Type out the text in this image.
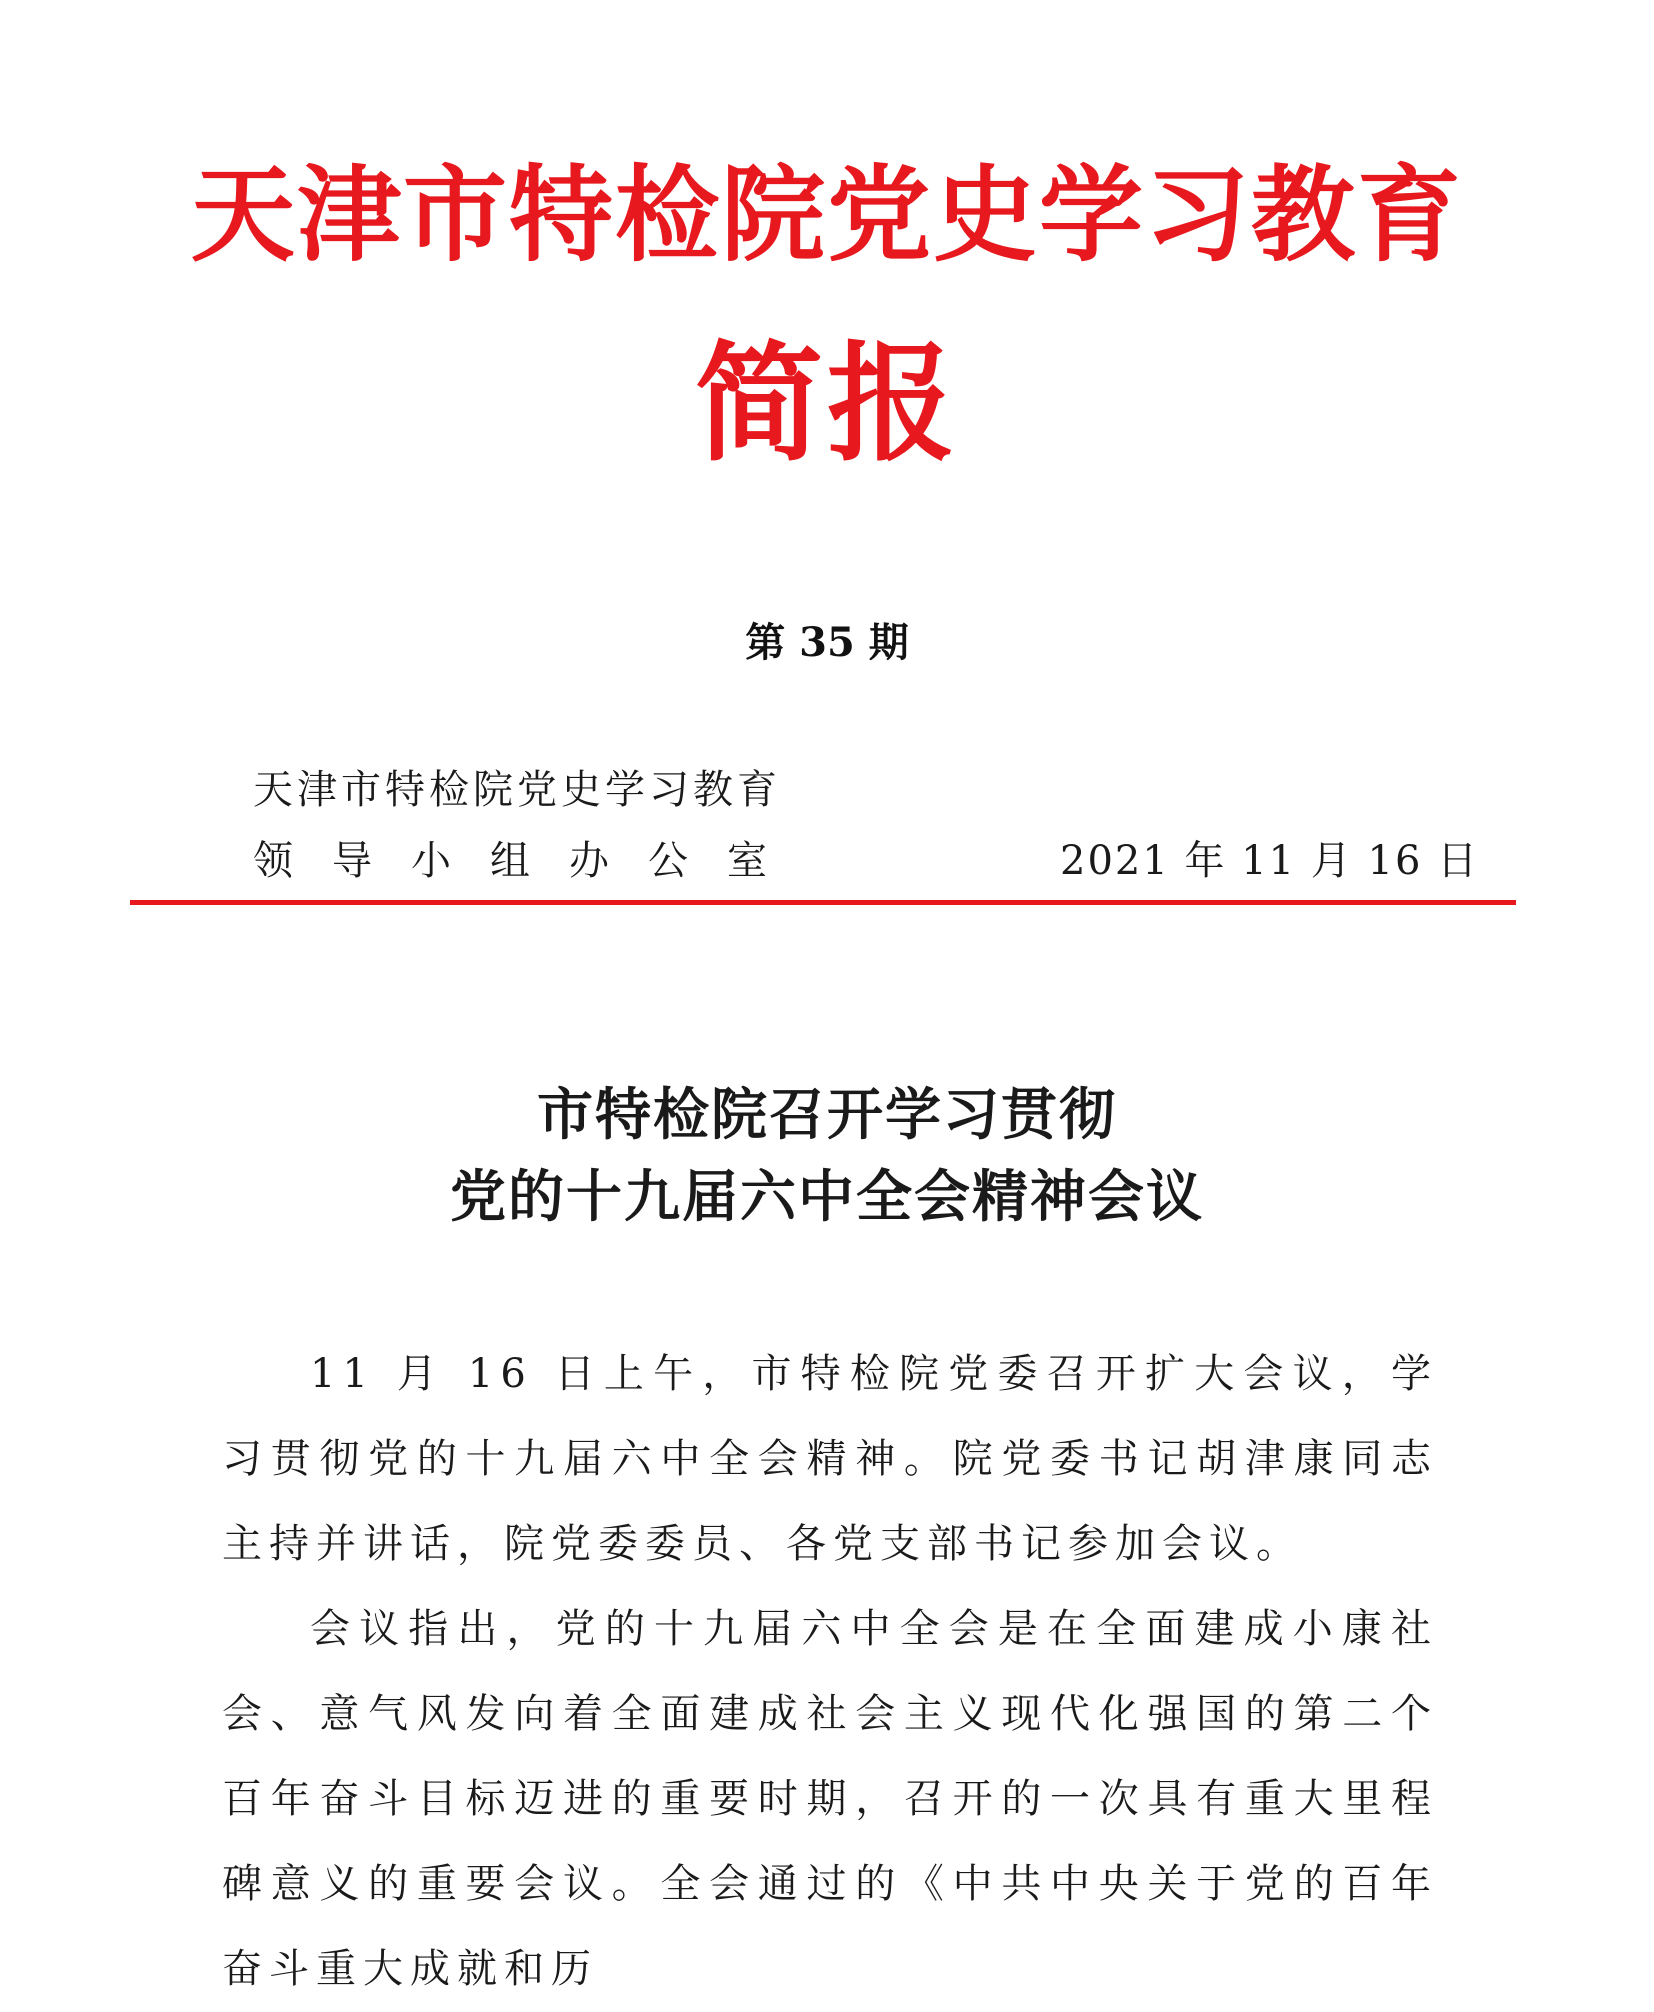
天津市特检院党史学习教育
简报
第 35 期
天津市特检院党史学习教育
领导小组办公室	2021 年 11 月 16 日
市特检院召开学习贯彻
党的十九届六中全会精神会议

11 月 16 日上午，市特检院党委召开扩大会议，学习贯彻党的十九届六中全会精神。院党委书记胡津康同志主持并讲话，院党委委员、各党支部书记参加会议。

会议指出，党的十九届六中全会是在全面建成小康社会、意气风发向着全面建成社会主义现代化强国的第二个百年奋斗目标迈进的重要时期，召开的一次具有重大里程碑意义的重要会议。全会通过的《中共中央关于党的百年奋斗重大成就和历
